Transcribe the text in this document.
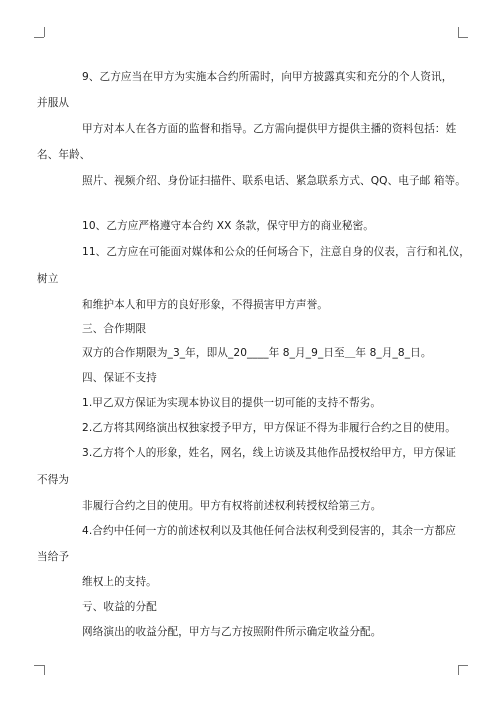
9、乙方应当在甲方为实施本合约所需时，向甲方披露真实和充分的个人资讯，
并服从
甲方对本人在各方面的监督和指导。乙方需向提供甲方提供主播的资料包括：姓
名、年龄、
照片、视频介绍、身份证扫描件、联系电话、紧急联系方式、QQ、电子邮 箱等。
10、乙方应严格遵守本合约 XX 条款，保守甲方的商业秘密。
11、乙方应在可能面对媒体和公众的任何场合下，注意自身的仪表，言行和礼仪，
树立
和维护本人和甲方的良好形象，不得损害甲方声誉。
三、合作期限
双方的合作期限为_3_年，即从_20____年 8_月_9_日至＿年 8_月_8_日。
四、保证不支持
1.甲乙双方保证为实现本协议目的提供一切可能的支持不帮劣。
2.乙方将其网络演出权独家授予甲方，甲方保证不得为非履行合约之目的使用。
3.乙方将个人的形象，姓名，网名，线上访谈及其他作品授权给甲方，甲方保证
不得为
非履行合约之目的使用。甲方有权将前述权利转授权给第三方。
4.合约中任何一方的前述权利以及其他任何合法权利受到侵害的，其余一方都应
当给予
维权上的支持。
亏、收益的分配
网络演出的收益分配，甲方与乙方按照附件所示确定收益分配。
